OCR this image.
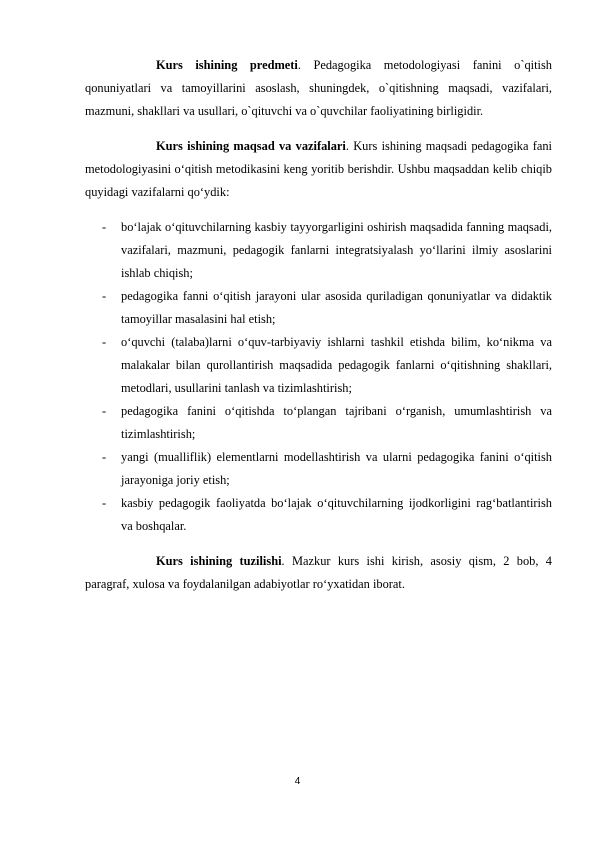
Kurs ishining predmeti. Pedagogika metodologiyasi fanini o`qitish qonuniyatlari va tamoyillarini asoslash, shuningdek, o`qitishning maqsadi, vazifalari, mazmuni, shakllari va usullari, o`qituvchi va o`quvchilar faoliyatining birligidir.

Kurs ishining maqsad va vazifalari. Kurs ishining maqsadi pedagogika fani metodologiyasini o‘qitish metodikasini keng yoritib berishdir. Ushbu maqsaddan kelib chiqib quyidagi vazifalarni qo‘ydik:

- bo‘lajak o‘qituvchilarning kasbiy tayyorgarligini oshirish maqsadida fanning maqsadi, vazifalari, mazmuni, pedagogik fanlarni integratsiyalash yo‘llarini ilmiy asoslarini ishlab chiqish;
- pedagogika fanni o‘qitish jarayoni ular asosida quriladigan qonuniyatlar va didaktik tamoyillar masalasini hal etish;
- o‘quvchi (talaba)larni o‘quv-tarbiyaviy ishlarni tashkil etishda bilim, ko‘nikma va malakalar bilan qurollantirish maqsadida pedagogik fanlarni o‘qitishning shakllari, metodlari, usullarini tanlash va tizimlashtirish;
- pedagogika fanini o‘qitishda to‘plangan tajribani o‘rganish, umumlashtirish va tizimlashtirish;
- yangi (mualliflik) elementlarni modellashtirish va ularni pedagogika fanini o‘qitish jarayoniga joriy etish;
- kasbiy pedagogik faoliyatda bo‘lajak o‘qituvchilarning ijodkorligini rag‘batlantirish va boshqalar.

Kurs ishining tuzilishi. Mazkur kurs ishi kirish, asosiy qism, 2 bob, 4 paragraf, xulosa va foydalanilgan adabiyotlar ro‘yxatidan iborat.

4
